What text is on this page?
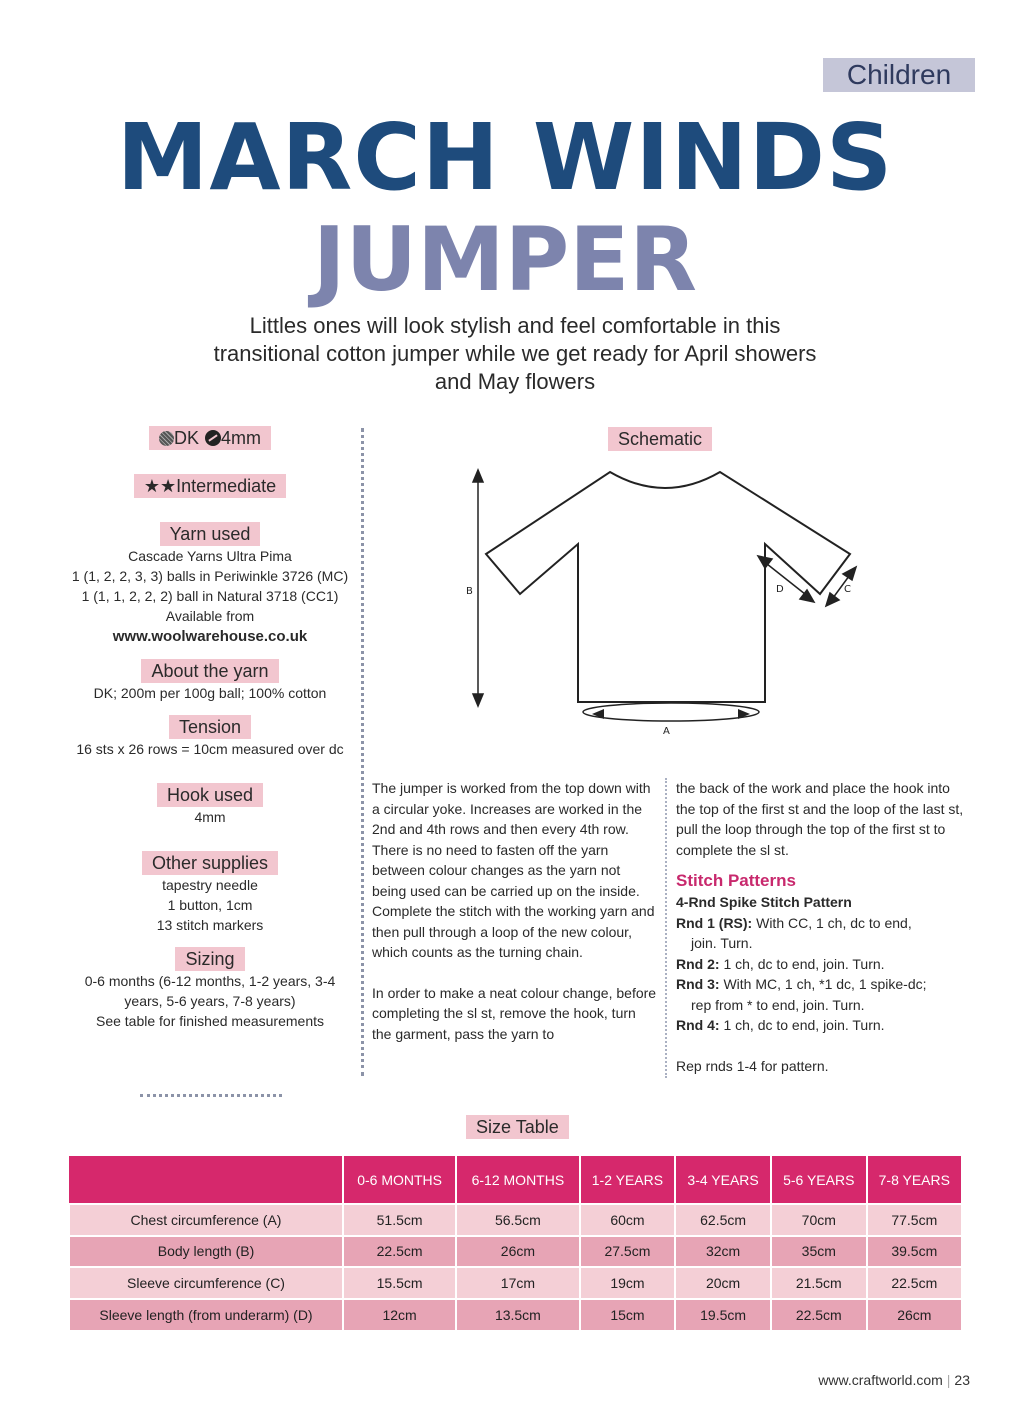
Children
MARCH WINDS
JUMPER
Littles ones will look stylish and feel comfortable in this transitional cotton jumper while we get ready for April showers and May flowers
DK 4mm
★★Intermediate
Yarn used
Cascade Yarns Ultra Pima
1 (1, 2, 2, 3, 3) balls in Periwinkle 3726 (MC)
1 (1, 1, 2, 2, 2) ball in Natural 3718 (CC1)
Available from
www.woolwarehouse.co.uk
About the yarn
DK; 200m per 100g ball; 100% cotton
Tension
16 sts x 26 rows = 10cm measured over dc
Hook used
4mm
Other supplies
tapestry needle
1 button, 1cm
13 stitch markers
Sizing
0-6 months (6-12 months, 1-2 years, 3-4
years, 5-6 years, 7-8 years)
See table for finished measurements
Schematic
B
A
D	C

The jumper is worked from the top down with a circular yoke. Increases are worked in the 2nd and 4th rows and then every 4th row.

There is no need to fasten off the yarn between colour changes as the yarn not being used can be carried up on the inside. Complete the stitch with the working yarn and then pull through a loop of the new colour, which counts as the turning chain.

In order to make a neat colour change, before completing the sl st, remove the hook, turn the garment, pass the yarn to

the back of the work and place the hook into the top of the first st and the loop of the last st, pull the loop through the top of the first st to complete the sl st.

Stitch Patterns
4-Rnd Spike Stitch Pattern
Rnd 1 (RS): With CC, 1 ch, dc to end,
join. Turn.
Rnd 2: 1 ch, dc to end, join. Turn.
Rnd 3: With MC, 1 ch, *1 dc, 1 spike-dc;
rep from * to end, join. Turn.
Rnd 4: 1 ch, dc to end, join. Turn.
Rep rnds 1-4 for pattern.
Size Table
	0-6 MONTHS	6-12 MONTHS	1-2 YEARS	3-4 YEARS	5-6 YEARS	7-8 YEARS
Chest circumference (A)	51.5cm	56.5cm	60cm	62.5cm	70cm	77.5cm
Body length (B)	22.5cm	26cm	27.5cm	32cm	35cm	39.5cm
Sleeve circumference (C)	15.5cm	17cm	19cm	20cm	21.5cm	22.5cm
Sleeve length (from underarm) (D)	12cm	13.5cm	15cm	19.5cm	22.5cm	26cm
www.craftworld.com | 23
